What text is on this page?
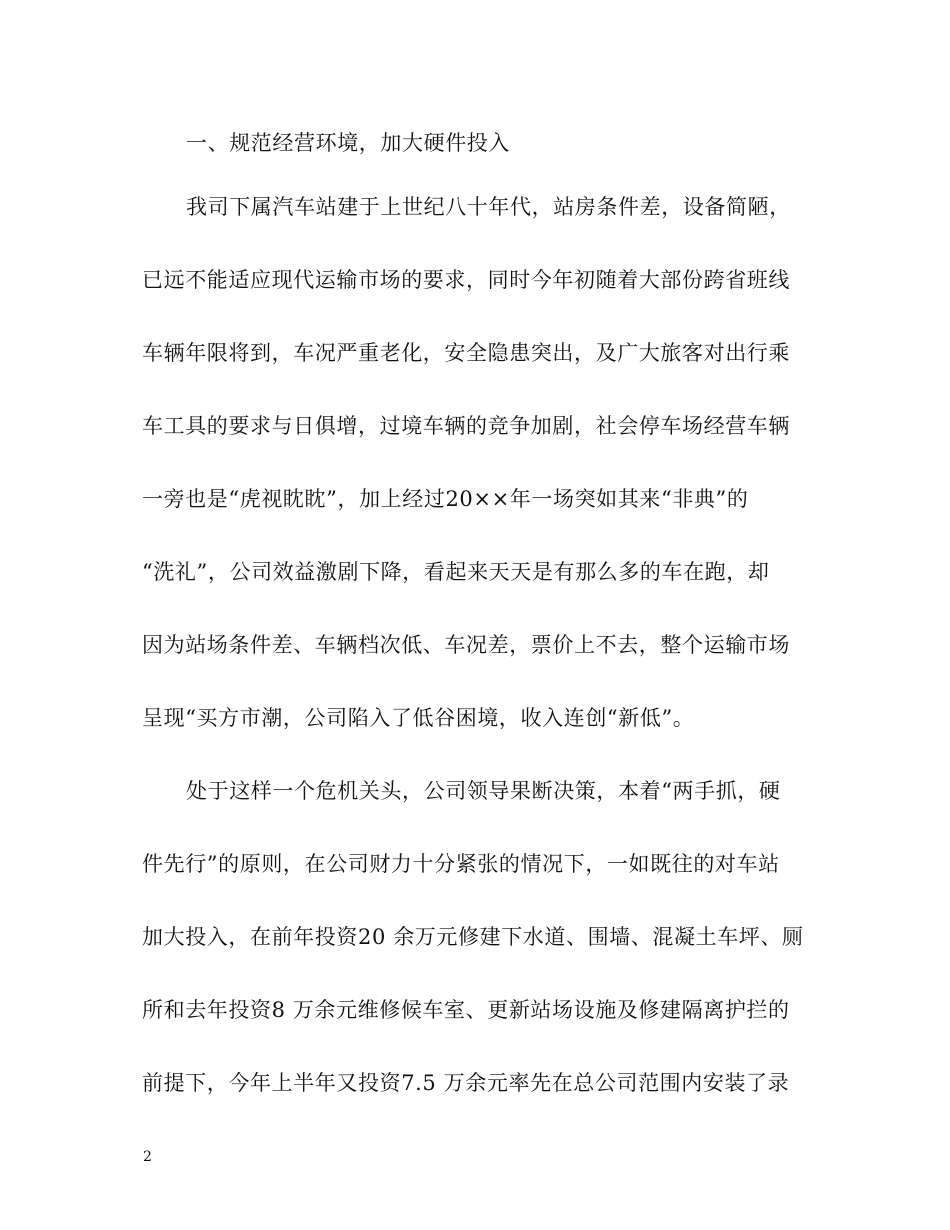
一、规范经营环境，加大硬件投入
我司下属汽车站建于上世纪八十年代，站房条件差，设备简陋，
已远不能适应现代运输市场的要求，同时今年初随着大部份跨省班线
车辆年限将到，车况严重老化，安全隐患突出，及广大旅客对出行乘
车工具的要求与日俱增，过境车辆的竞争加剧，社会停车场经营车辆
一旁也是“虎视眈眈”，加上经过20××年一场突如其来“非典”的
“洗礼”，公司效益激剧下降，看起来天天是有那么多的车在跑，却
因为站场条件差、车辆档次低、车况差，票价上不去，整个运输市场
呈现“买方市潮，公司陷入了低谷困境，收入连创“新低”。
处于这样一个危机关头，公司领导果断决策，本着“两手抓，硬
件先行”的原则，在公司财力十分紧张的情况下，一如既往的对车站
加大投入，在前年投资20 余万元修建下水道、围墙、混凝土车坪、厕
所和去年投资8 万余元维修候车室、更新站场设施及修建隔离护拦的
前提下，今年上半年又投资7.5 万余元率先在总公司范围内安装了录
2
